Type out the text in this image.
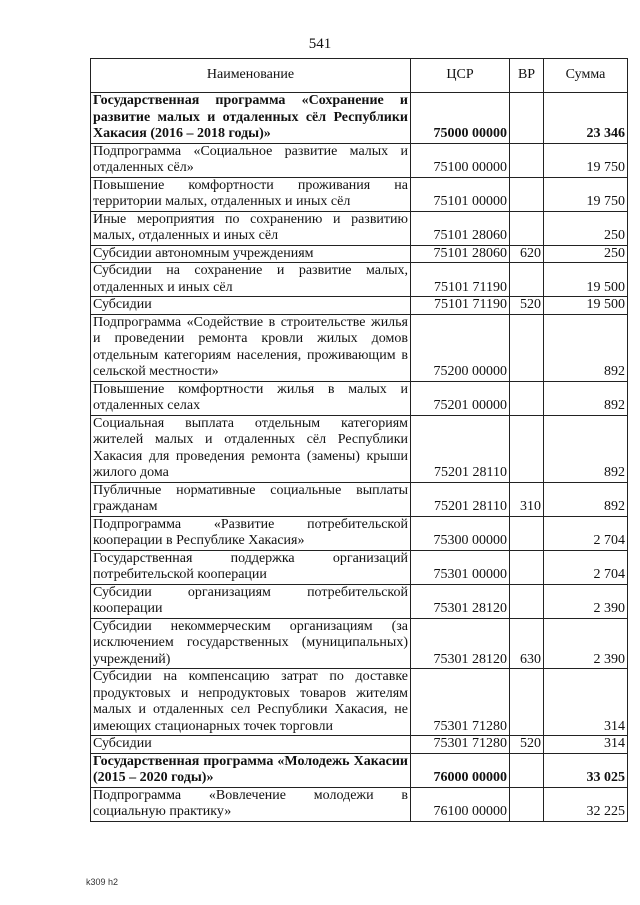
541
Наименование	ЦСР	ВР	Сумма
Государственная программа «Сохранение и развитие малых и отдаленных сёл Республики Хакасия (2016 – 2018 годы)»	75000 00000		23 346
Подпрограмма «Социальное развитие малых и отдаленных сёл»	75100 00000		19 750
Повышение комфортности проживания на территории малых, отдаленных и иных сёл	75101 00000		19 750
Иные мероприятия по сохранению и развитию малых, отдаленных и иных сёл	75101 28060		250
Субсидии автономным учреждениям	75101 28060	620	250
Субсидии на сохранение и развитие малых, отдаленных и иных сёл	75101 71190		19 500
Субсидии	75101 71190	520	19 500
Подпрограмма «Содействие в строительстве жилья и проведении ремонта кровли жилых домов отдельным категориям населения, проживающим в сельской местности»	75200 00000		892
Повышение комфортности жилья в малых и отдаленных селах	75201 00000		892
Социальная выплата отдельным категориям жителей малых и отдаленных сёл Республики Хакасия для проведения ремонта (замены) крыши жилого дома	75201 28110		892
Публичные нормативные социальные выплаты гражданам	75201 28110	310	892
Подпрограмма «Развитие потребительской кооперации в Республике Хакасия»	75300 00000		2 704
Государственная поддержка организаций потребительской кооперации	75301 00000		2 704
Субсидии организациям потребительской кооперации	75301 28120		2 390
Субсидии некоммерческим организациям (за исключением государственных (муниципальных) учреждений)	75301 28120	630	2 390
Субсидии на компенсацию затрат по доставке продуктовых и непродуктовых товаров жителям малых и отдаленных сел Республики Хакасия, не имеющих стационарных точек торговли	75301 71280		314
Субсидии	75301 71280	520	314
Государственная программа «Молодежь Хакасии (2015 – 2020 годы)»	76000 00000		33 025
Подпрограмма «Вовлечение молодежи в социальную практику»	76100 00000		32 225
k309 h2
